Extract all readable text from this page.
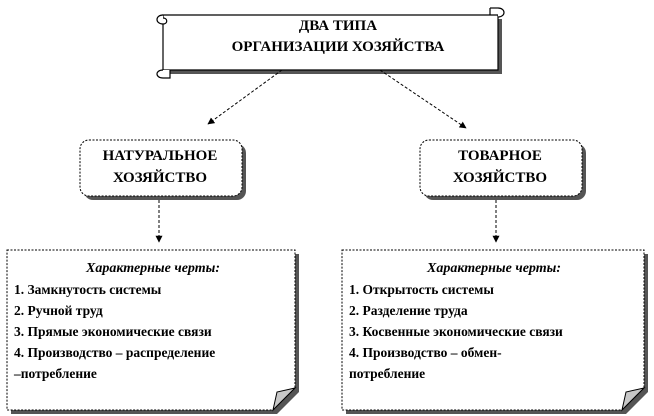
ДВА ТИПА
ОРГАНИЗАЦИИ ХОЗЯЙСТВА
НАТУРАЛЬНОЕ
ХОЗЯЙСТВО
ТОВАРНОЕ
ХОЗЯЙСТВО
Характерные черты:
1. Замкнутость системы
2. Ручной труд
3. Прямые экономические связи
4. Производство – распределение
–потребление
Характерные черты:
1. Открытость системы
2. Разделение труда
3. Косвенные экономические связи
4. Производство – обмен-
потребление
